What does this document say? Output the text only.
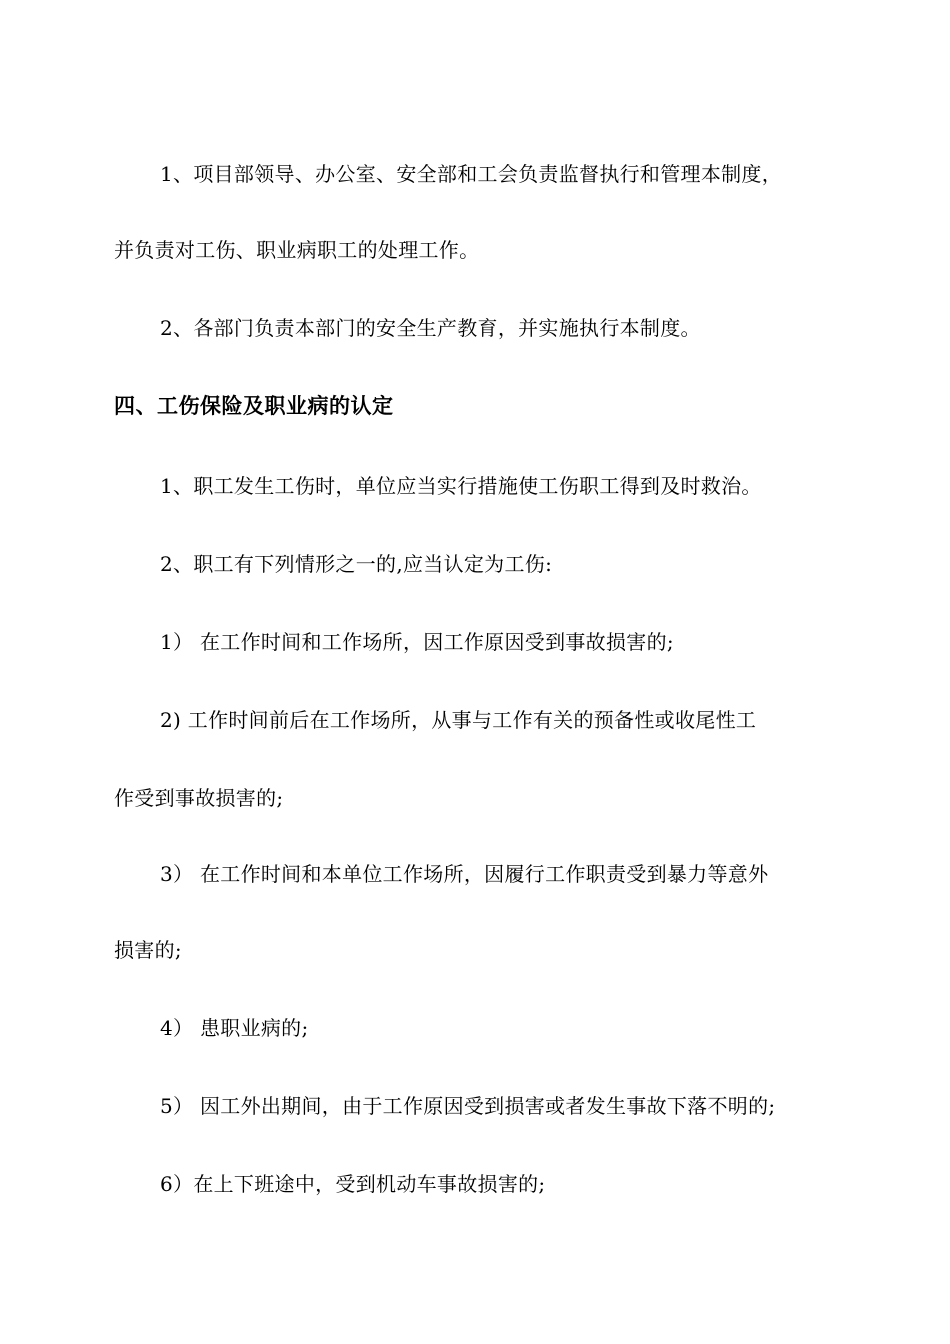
1、项目部领导、办公室、安全部和工会负责监督执行和管理本制度，
并负责对工伤、职业病职工的处理工作。
2、各部门负责本部门的安全生产教育，并实施执行本制度。
四、工伤保险及职业病的认定
1、职工发生工伤时，单位应当实行措施使工伤职工得到及时救治。
2、职工有下列情形之一的,应当认定为工伤:
1） 在工作时间和工作场所，因工作原因受到事故损害的;
2) 工作时间前后在工作场所，从事与工作有关的预备性或收尾性工
作受到事故损害的;
3） 在工作时间和本单位工作场所，因履行工作职责受到暴力等意外
损害的;
4） 患职业病的;
5） 因工外出期间，由于工作原因受到损害或者发生事故下落不明的;
6）在上下班途中，受到机动车事故损害的;
